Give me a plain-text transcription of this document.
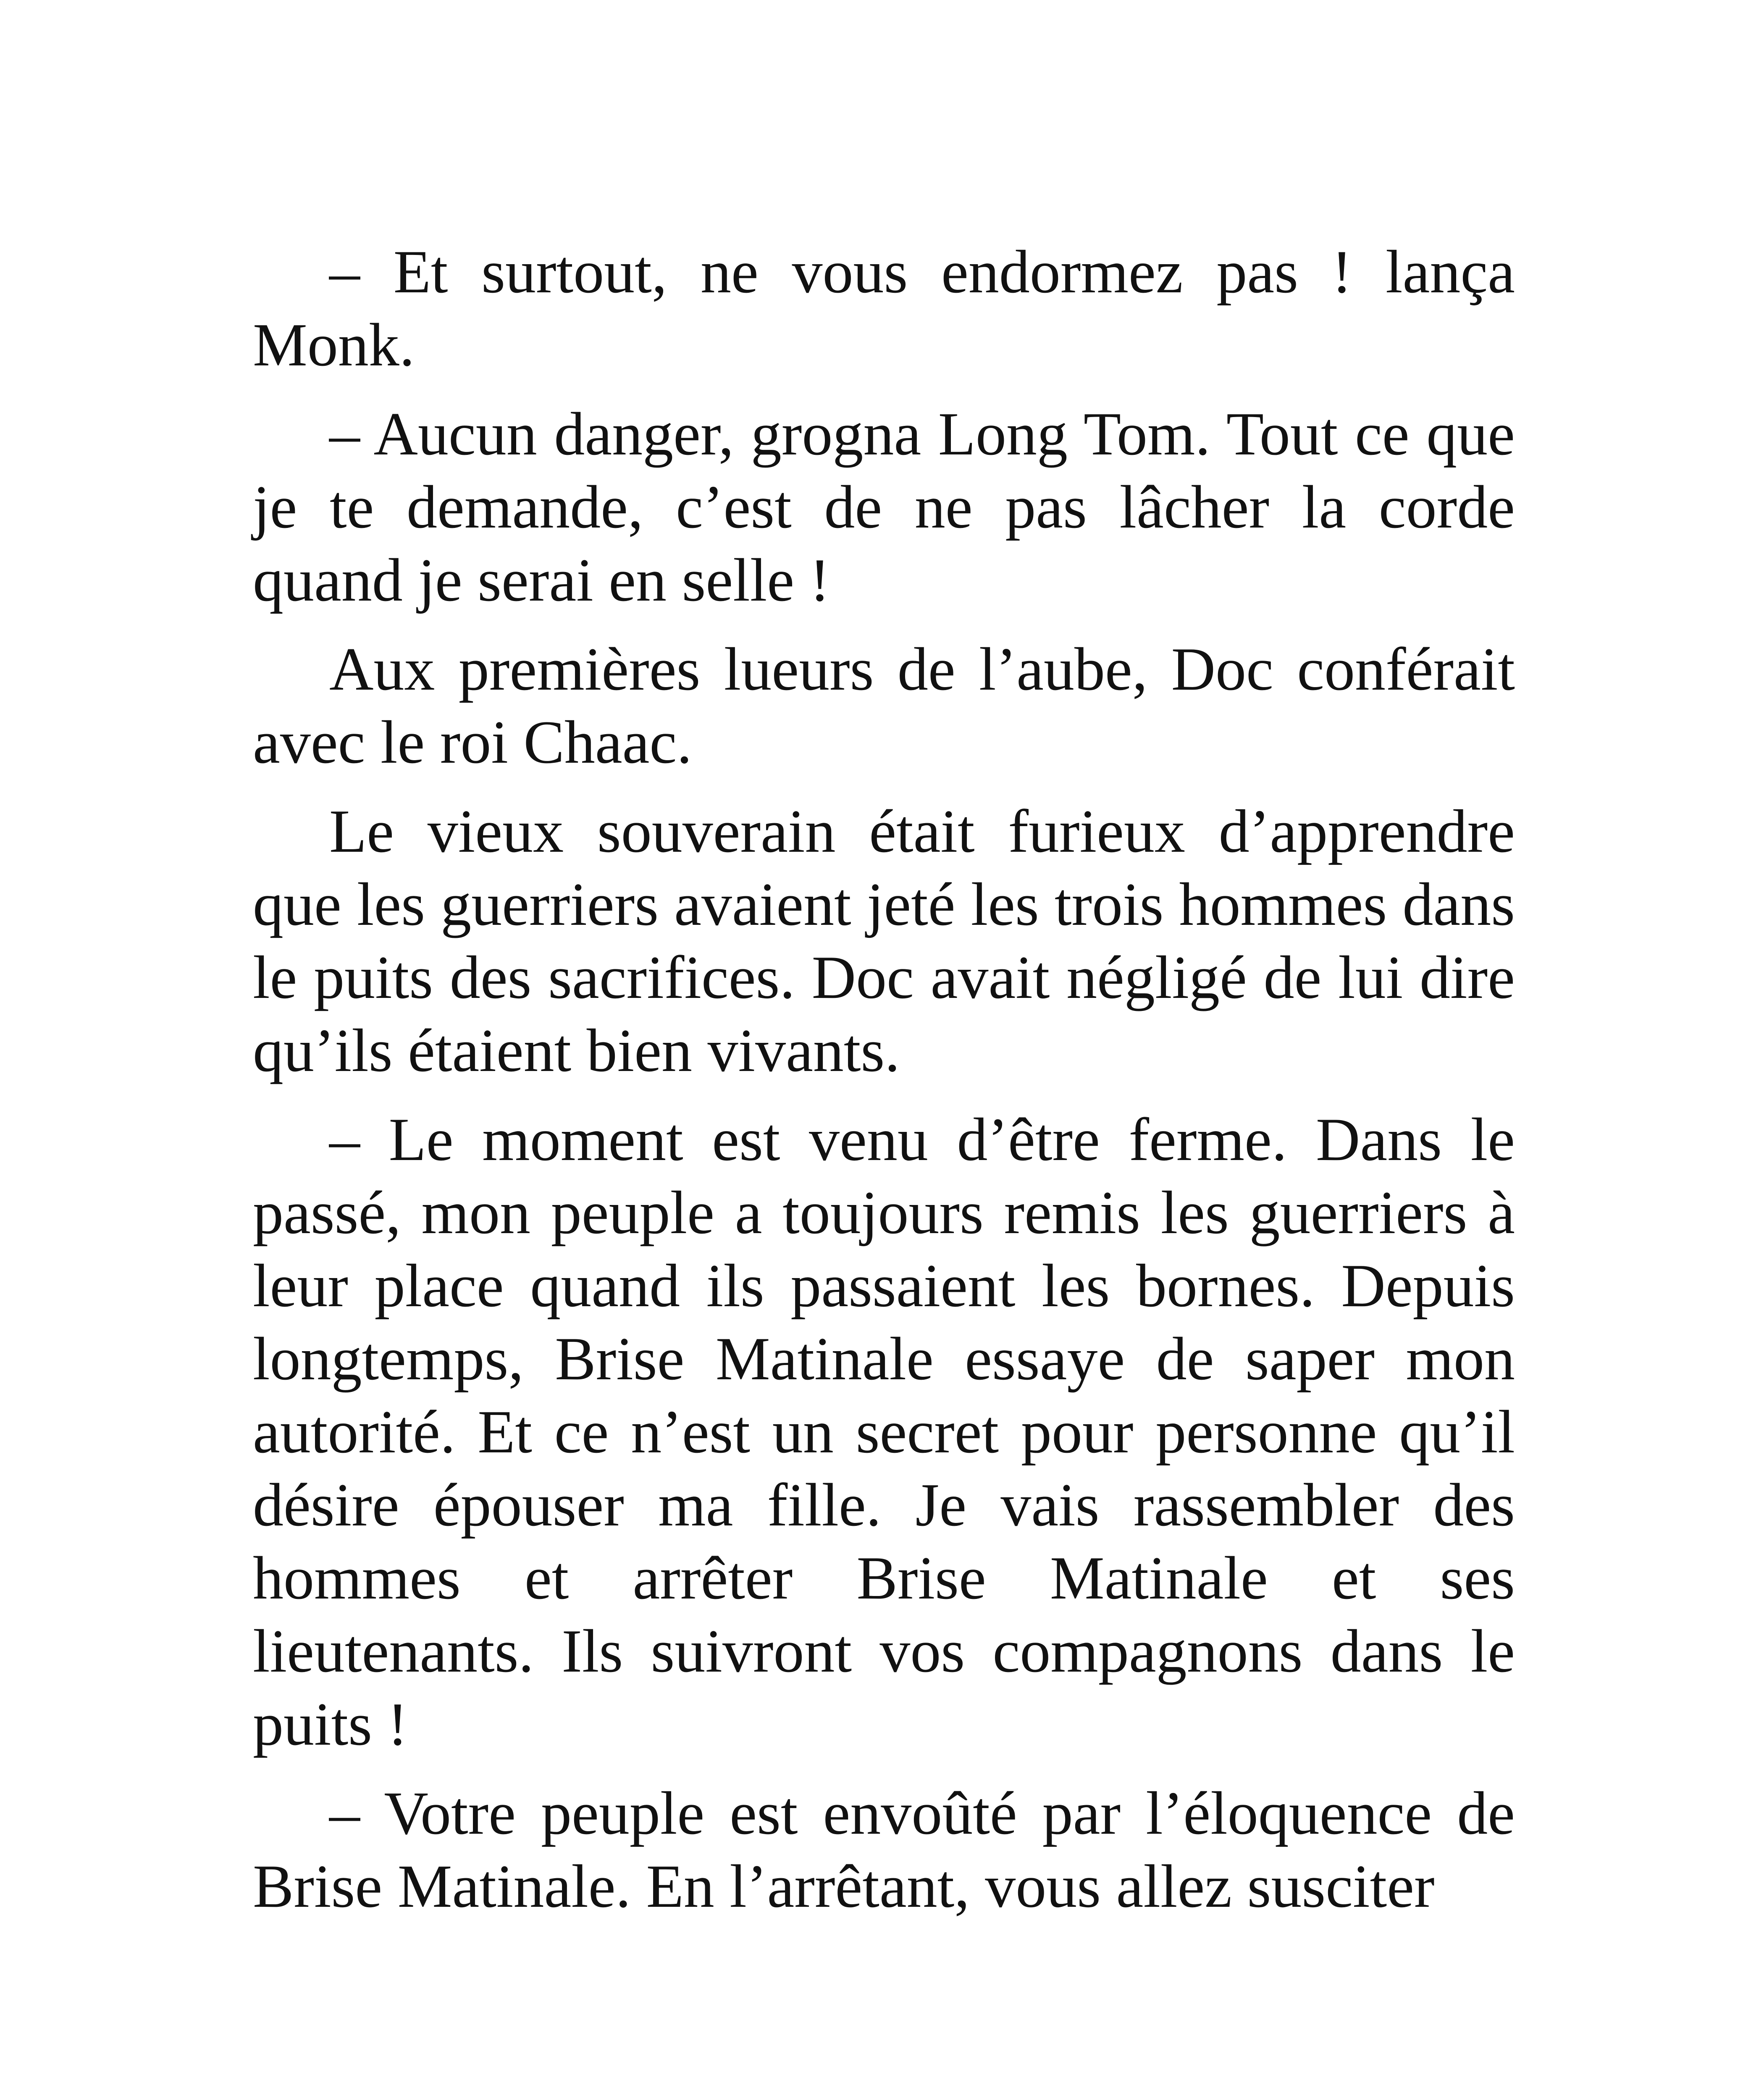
– Et surtout, ne vous endormez pas ! lança Monk.

– Aucun danger, grogna Long Tom. Tout ce que je te demande, c’est de ne pas lâcher la corde quand je serai en selle !

Aux premières lueurs de l’aube, Doc conférait avec le roi Chaac.

Le vieux souverain était furieux d’apprendre que les guerriers avaient jeté les trois hommes dans le puits des sacrifices. Doc avait négligé de lui dire qu’ils étaient bien vivants.

– Le moment est venu d’être ferme. Dans le passé, mon peuple a toujours remis les guerriers à leur place quand ils passaient les bornes. Depuis longtemps, Brise Matinale essaye de saper mon autorité. Et ce n’est un secret pour personne qu’il désire épouser ma fille. Je vais rassembler des hommes et arrêter Brise Matinale et ses lieutenants. Ils suivront vos compagnons dans le puits !

– Votre peuple est envoûté par l’éloquence de Brise Matinale. En l’arrêtant, vous allez susciter
